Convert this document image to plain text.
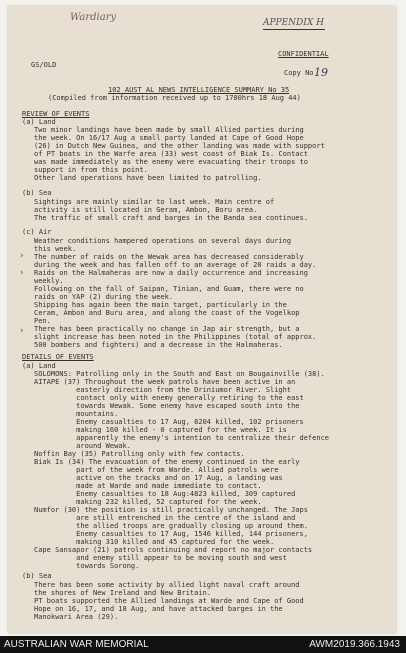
Wardiary	APPENDIX H
GS/OLD
CONFIDENTIAL
Copy No 19
102 AUST AL NEWS INTELLIGENCE SUMMARY No 35
(Compiled from information received up to 1700hrs 18 Aug 44)
REVIEW OF EVENTS
(a) Land
Two minor landings have been made by small Allied parties during
the week. On 16/17 Aug a small party landed at Cape of Good Hope
(26) in Dutch New Guinea, and the other landing was made with support
of PT boats in the Warfe area (33) west coast of Biak Is. Contact
was made immediately as the enemy were evacuating their troops to
support in from this point.
Other land operations have been limited to patrolling.
(b) Sea
Sightings are mainly similar to last week. Main centre of
activity is still located in Geram, Ambon, Boru area.
The traffic of small craft and barges in the Banda sea continues.
(c) Air
Weather conditions hampered operations on several days during
this week.
The number of raids on the Wewak area has decreased considerably
during the week and has fallen off to an average of 20 raids a day.
Raids on the Halmaheras are now a daily occurrence and increasing
weekly.
Following on the fall of Saipan, Tinian, and Guam, there were no
raids on YAP (2) during the week.
Shipping has again been the main target, particularly in the
Ceram, Ambon and Buru area, and along the coast of the Vogelkop
Pen.
There has been practically no change in Jap air strength, but a
slight increase has been noted in the Philippines (total of approx.
500 bombers and fighters) and a decrease in the Halmaheras.
›
›
›
DETAILS OF EVENTS
(a) Land
SOLOMONS: Patrolling only in the South and East on Bougainville (38).
AITAPE (37) Throughout the week patrols have been active in an
easterly direction from the Driniumor River. Slight
contact only with enemy generally retiring to the east
towards Wewak. Some enemy have escaped south into the
mountains.
Enemy casualties to 17 Aug, 8204 killed, 102 prisoners
making 160 killed - 0 captured for the week. It is
apparently the enemy's intention to centralize their defence
around Wewak.
Noffin Bay (35) Patrolling only with few contacts.
Biak Is (34) The evacuation of the enemy continued in the early
part of the week from Warde. Allied patrols were
active on the tracks and on 17 Aug, a landing was
made at Warde and made immediate to contact.
Enemy casualties to 18 Aug:4823 killed, 309 captured
making 232 killed, 52 captured for the week.
Numfor (30) the position is still practically unchanged. The Japs
are still entrenched in the centre of the island and
the allied troops are gradually closing up around them.
Enemy casualties to 17 Aug, 1546 killed, 144 prisoners,
making 310 killed and 45 captured for the week.
Cape Sansapor (21) patrols continuing and report no major contacts
and enemy still appear to be moving south and west
towards Sorong.
(b) Sea
There has been some activity by allied light naval craft around
the shores of New Ireland and New Britain.
PT boats supported the Allied landings at Warde and Cape of Good
Hope on 16, 17, and 18 Aug, and have attacked barges in the
Manokwari Area (29).
AUSTRALIAN WAR MEMORIAL	AWM2019.366.1943
